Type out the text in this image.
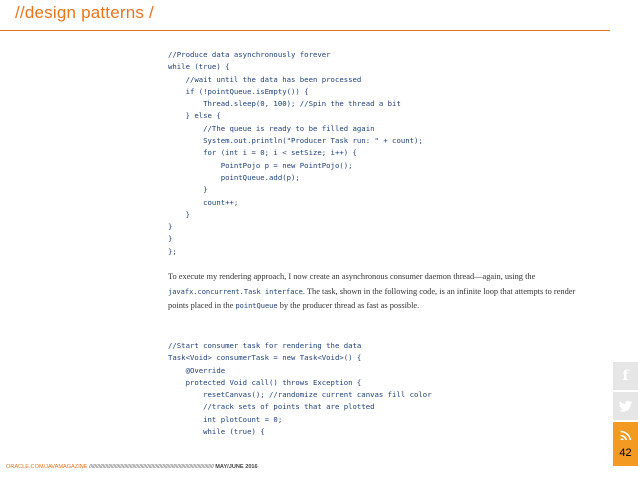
//design patterns /
//Produce data asynchronously forever
while (true) {
//wait until the data has been processed
if (!pointQueue.isEmpty()) {
Thread.sleep(0, 100); //Spin the thread a bit
} else {
//The queue is ready to be filled again
System.out.println("Producer Task run: " + count);
for (int i = 0; i < setSize; i++) {
PointPojo p = new PointPojo();
pointQueue.add(p);
}
count++;
}
}
}
};
To execute my rendering approach, I now create an asynchronous consumer daemon thread—again, using the javafx.concurrent.Task interface. The task, shown in the following code, is an infinite loop that attempts to render points placed in the pointQueue by the producer thread as fast as possible.
//Start consumer task for rendering the data
Task<Void> consumerTask = new Task<Void>() {
@Override
protected Void call() throws Exception {
resetCanvas(); //randomize current canvas fill color
//track sets of points that are plotted
int plotCount = 0;
while (true) {
f
42
ORACLE.COM/JAVAMAGAZINE //////////////////////////////////////////////////////////////////////////////////////////// MAY/JUNE 2016
